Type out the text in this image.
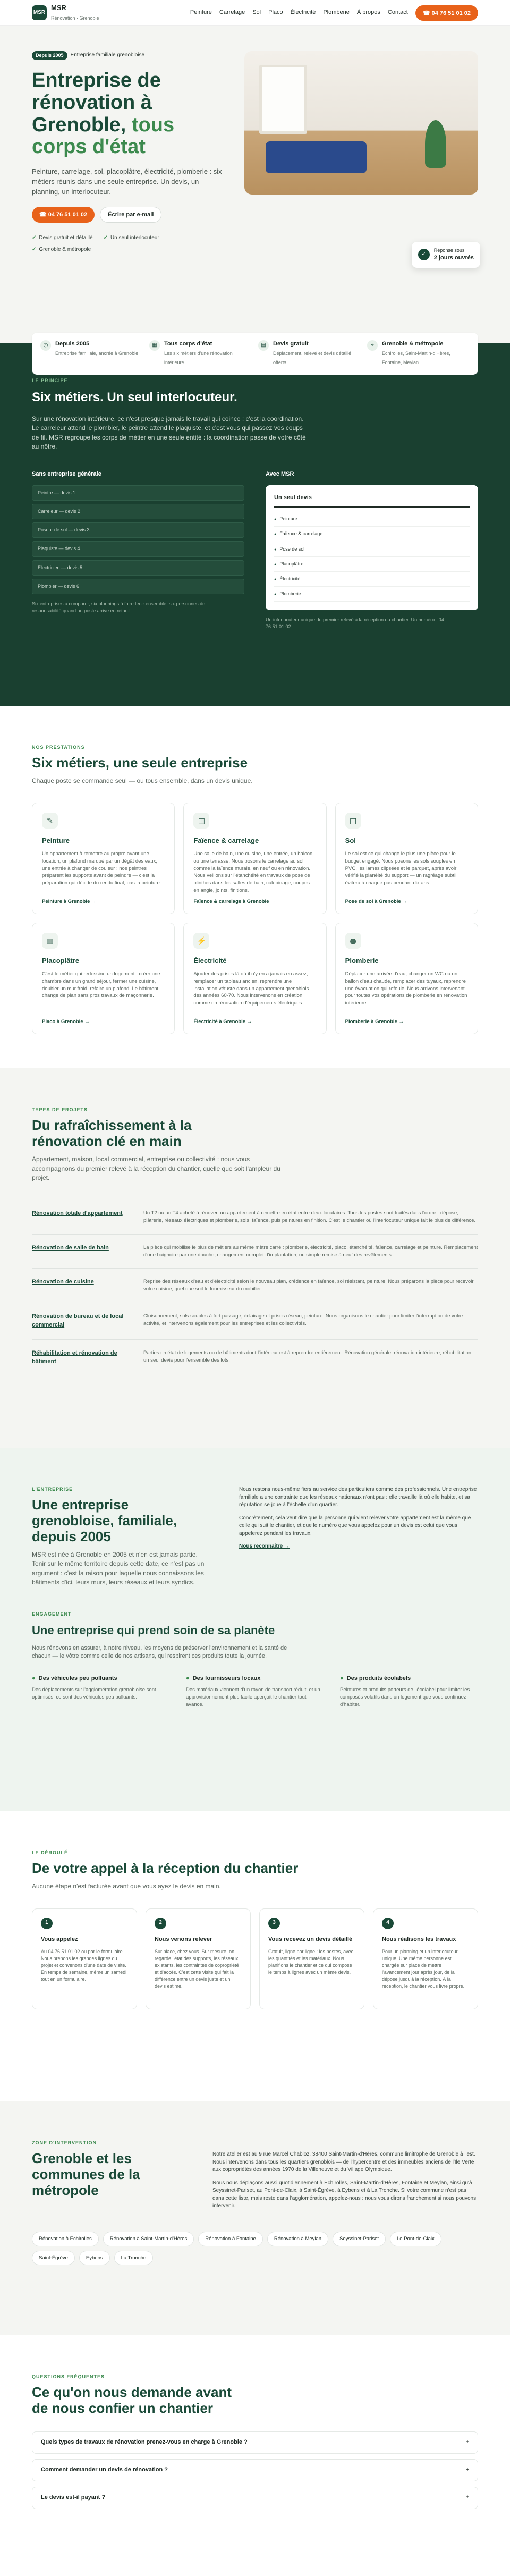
MSR
MSR
Rénovation · Grenoble
Peinture Carrelage Sol Placo Électricité Plomberie À propos Contact	☎ 04 76 51 01 02
Depuis 2005	Entreprise familiale grenobloise
Entreprise de rénovation à Grenoble, tous corps d'état

Peinture, carrelage, sol, placoplâtre, électricité, plomberie : six métiers réunis dans une seule entreprise. Un devis, un planning, un interlocuteur.

☎ 04 76 51 01 02	Écrire par e-mail
✓ Devis gratuit et détaillé
✓	Un seul interlocuteur
✓ Grenoble & métropole
✓
Réponse sous
2 jours ouvrés
◷	Depuis 2005
Entreprise familiale, ancrée à Grenoble
▦	Tous corps d'état
Les six métiers d'une rénovation intérieure
▤	Devis gratuit
Déplacement, relevé et devis détaillé offerts
⌖	Grenoble & métropole
Échirolles, Saint-Martin-d'Hères, Fontaine, Meylan
LE PRINCIPE
Six métiers. Un seul interlocuteur.

Sur une rénovation intérieure, ce n'est presque jamais le travail qui coince : c'est la coordination. Le carreleur attend le plombier, le peintre attend le plaquiste, et c'est vous qui passez vos coups de fil. MSR regroupe les corps de métier en une seule entité : la coordination passe de votre côté au nôtre.

Sans entreprise générale
Peintre — devis 1
Carreleur — devis 2
Poseur de sol — devis 3
Plaquiste — devis 4
Électricien — devis 5
Plombier — devis 6

Six entreprises à comparer, six plannings à faire tenir ensemble, six personnes de responsabilité quand un poste arrive en retard.

Avec MSR
Un seul devis
● Peinture
● Faïence & carrelage
● Pose de sol
● Placoplâtre
● Électricité
● Plomberie

Un interlocuteur unique du premier relevé à la réception du chantier. Un numéro : 04 76 51 01 02.

NOS PRESTATIONS
Six métiers, une seule entreprise

Chaque poste se commande seul — ou tous ensemble, dans un devis unique.

✎
Peinture

Un appartement à remettre au propre avant une location, un plafond marqué par un dégât des eaux, une entrée à changer de couleur : nos peintres préparent les supports avant de peindre — c'est la préparation qui décide du rendu final, pas la peinture.

Peinture à Grenoble →
▦
Faïence & carrelage

Une salle de bain, une cuisine, une entrée, un balcon ou une terrasse. Nous posons le carrelage au sol comme la faïence murale, en neuf ou en rénovation. Nous veillons sur l'étanchéité en travaux de pose de plinthes dans les salles de bain, calepinage, coupes en angle, joints, finitions.

Faïence & carrelage à Grenoble →
▤
Sol

Le sol est ce qui change le plus une pièce pour le budget engagé. Nous posons les sols souples en PVC, les lames clipsées et le parquet, après avoir vérifié la planéité du support — un ragréage subtil évitera à chaque pas pendant dix ans.

Pose de sol à Grenoble →
▥
Placoplâtre

C'est le métier qui redessine un logement : créer une chambre dans un grand séjour, fermer une cuisine, doubler un mur froid, refaire un plafond. Le bâtiment change de plan sans gros travaux de maçonnerie.

Placo à Grenoble →
⚡
Électricité

Ajouter des prises là où il n'y en a jamais eu assez, remplacer un tableau ancien, reprendre une installation vétuste dans un appartement grenoblois des années 60-70. Nous intervenons en création comme en rénovation d'équipements électriques.

Électricité à Grenoble →
◍
Plomberie

Déplacer une arrivée d'eau, changer un WC ou un ballon d'eau chaude, remplacer des tuyaux, reprendre une évacuation qui refoule. Nous arrivons intervenant pour toutes vos opérations de plomberie en rénovation intérieure.

Plomberie à Grenoble →
TYPES DE PROJETS
Du rafraîchissement à la rénovation clé en main

Appartement, maison, local commercial, entreprise ou collectivité : nous vous accompagnons du premier relevé à la réception du chantier, quelle que soit l'ampleur du projet.

Rénovation totale d'appartement	Un T2 ou un T4 acheté à rénover, un appartement à remettre en état entre deux locataires. Tous les postes sont traités dans l'ordre : dépose, plâtrerie, réseaux électriques et plomberie, sols, faïence, puis peintures en finition. C'est le chantier où l'interlocuteur unique fait le plus de différence.

Rénovation de salle de bain	La pièce qui mobilise le plus de métiers au même mètre carré : plomberie, électricité, placo, étanchéité, faïence, carrelage et peinture. Remplacement d'une baignoire par une douche, changement complet d'implantation, ou simple remise à neuf des revêtements.

Rénovation de cuisine	Reprise des réseaux d'eau et d'électricité selon le nouveau plan, crédence en faïence, sol résistant, peinture. Nous préparons la pièce pour recevoir votre cuisine, quel que soit le fournisseur du mobilier.

Rénovation de bureau et de local commercial

Cloisonnement, sols souples à fort passage, éclairage et prises réseau, peinture. Nous organisons le chantier pour limiter l'interruption de votre activité, et intervenons également pour les entreprises et les collectivités.

Réhabilitation et rénovation de bâtiment

Parties en état de logements ou de bâtiments dont l'intérieur est à reprendre entièrement. Rénovation générale, rénovation intérieure, réhabilitation : un seul devis pour l'ensemble des lots.

L'ENTREPRISE
Une entreprise grenobloise, familiale, depuis 2005

MSR est née à Grenoble en 2005 et n'en est jamais partie. Tenir sur le même territoire depuis cette date, ce n'est pas un argument : c'est la raison pour laquelle nous connaissons les bâtiments d'ici, leurs murs, leurs réseaux et leurs syndics.

Nous restons nous-même fiers au service des particuliers comme des professionnels. Une entreprise familiale a une contrainte que les réseaux nationaux n'ont pas : elle travaille là où elle habite, et sa réputation se joue à l'échelle d'un quartier.

Concrètement, cela veut dire que la personne qui vient relever votre appartement est la même que celle qui suit le chantier, et que le numéro que vous appelez pour un devis est celui que vous appelerez pendant les travaux.

Nous reconnaître →
ENGAGEMENT
Une entreprise qui prend soin de sa planète

Nous rénovons en assurer, à notre niveau, les moyens de préserver l'environnement et la santé de chacun — le vôtre comme celle de nos artisans, qui respirent ces produits toute la journée.

● Des véhicules peu polluants

Des déplacements sur l'agglomération grenobloise sont optimisés, ce sont des véhicules peu polluants.

● Des fournisseurs locaux

Des matériaux viennent d'un rayon de transport réduit, et un approvisionnement plus facile aperçoit le chantier tout avance.

● Des produits écolabels

Peintures et produits porteurs de l'écolabel pour limiter les composés volatils dans un logement que vous continuez d'habiter.

LE DÉROULÉ
De votre appel à la réception du chantier

Aucune étape n'est facturée avant que vous ayez le devis en main.

1
Vous appelez

Au 04 76 51 01 02 ou par le formulaire. Nous prenons les grandes lignes du projet et convenons d'une date de visite. En temps de semaine, même un samedi tout en un formulaire.

2
Nous venons relever

Sur place, chez vous. Sur mesure, on regarde l'état des supports, les réseaux existants, les contraintes de copropriété et d'accès. C'est cette visite qui fait la différence entre un devis juste et un devis estimé.

3
Vous recevez un devis détaillé

Gratuit, ligne par ligne : les postes, avec les quantités et les matériaux. Nous planifions le chantier et ce qui compose le temps à lignes avec un même devis.

4
Nous réalisons les travaux

Pour un planning et un interlocuteur unique. Une même personne est chargée sur place de mettre l'avancement jour après jour, de la dépose jusqu'à la réception. À la réception, le chantier vous livre propre.

ZONE D'INTERVENTION
Grenoble et les communes de la métropole

Notre atelier est au 9 rue Marcel Chabloz, 38400 Saint-Martin-d'Hères, commune limitrophe de Grenoble à l'est. Nous intervenons dans tous les quartiers grenoblois — de l'hypercentre et des immeubles anciens de l'Île Verte aux copropriétés des années 1970 de la Villeneuve et du Village Olympique.

Nous nous déplaçons aussi quotidiennement à Échirolles, Saint-Martin-d'Hères, Fontaine et Meylan, ainsi qu'à Seyssinet-Pariset, au Pont-de-Claix, à Saint-Égrève, à Eybens et à La Tronche. Si votre commune n'est pas dans cette liste, mais reste dans l'agglomération, appelez-nous : nous vous dirons franchement si nous pouvons intervenir.

Rénovation à Échirolles	Rénovation à Saint-Martin-d'Hères	Rénovation à Fontaine	Rénovation à Meylan	Seyssinet-Pariset	Le Pont-de-Claix
Saint-Égrève	Eybens	La Tronche
QUESTIONS FRÉQUENTES
Ce qu'on nous demande avant de nous confier un chantier
Quels types de travaux de rénovation prenez-vous en charge à Grenoble ?	+
Comment demander un devis de rénovation ?	+
Le devis est-il payant ?	+
